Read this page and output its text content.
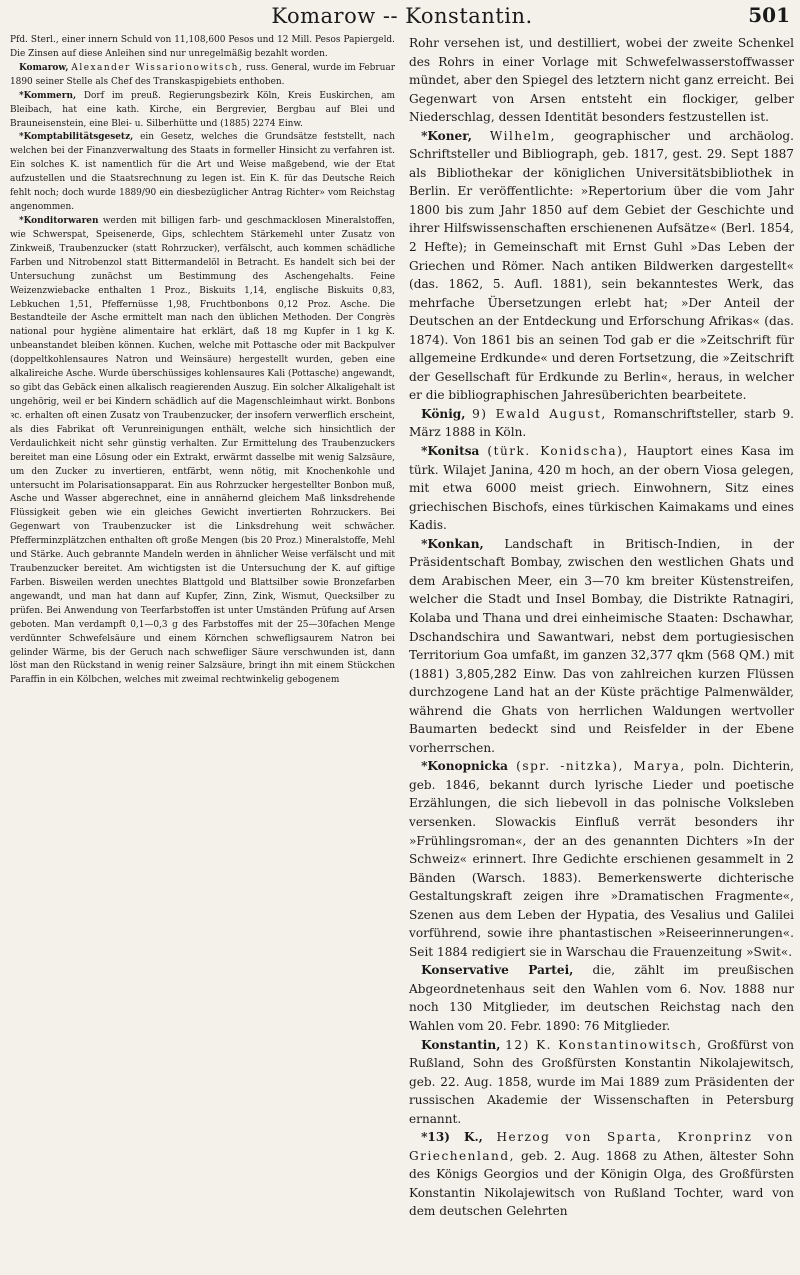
Komarow -- Konstantin.	501

Pfd. Sterl., einer innern Schuld von 11,108,600 Pesos und 12 Mill. Pesos Papiergeld. Die Zinsen auf diese Anleihen sind nur unregelmäßig bezahlt worden.

 Komarow, Alexander Wissarionowitsch, russ. General, wurde im Februar 1890 seiner Stelle als Chef des Transkaspigebiets enthoben.

 *Kommern, Dorf im preuß. Regierungsbezirk Köln, Kreis Euskirchen, am Bleibach, hat eine kath. Kirche, ein Bergrevier, Bergbau auf Blei und Brauneisenstein, eine Blei- u. Silberhütte und (1885) 2274 Einw.

 *Komptabilitätsgesetz, ein Gesetz, welches die Grundsätze feststellt, nach welchen bei der Finanzverwaltung des Staats in formeller Hinsicht zu verfahren ist. Ein solches K. ist namentlich für die Art und Weise maßgebend, wie der Etat aufzustellen und die Staatsrechnung zu legen ist. Ein K. für das Deutsche Reich fehlt noch; doch wurde 1889/90 ein diesbezüglicher Antrag Richter» vom Reichstag angenommen.

 *Konditorwaren werden mit billigen farb- und geschmacklosen Mineralstoffen, wie Schwerspat, Speisenerde, Gips, schlechtem Stärkemehl unter Zusatz von Zinkweiß, Traubenzucker (statt Rohrzucker), verfälscht, auch kommen schädliche Farben und Nitrobenzol statt Bittermandelöl in Betracht. Es handelt sich bei der Untersuchung zunächst um Bestimmung des Aschengehalts. Feine Weizenzwiebacke enthalten 1 Proz., Biskuits 1,14, englische Biskuits 0,83, Lebkuchen 1,51, Pfeffernüsse 1,98, Fruchtbonbons 0,12 Proz. Asche. Die Bestandteile der Asche ermittelt man nach den üblichen Methoden. Der Congrès national pour hygiène alimentaire hat erklärt, daß 18 mg Kupfer in 1 kg K. unbeanstandet bleiben können. Kuchen, welche mit Pottasche oder mit Backpulver (doppeltkohlensaures Natron und Weinsäure) hergestellt wurden, geben eine alkalireiche Asche. Wurde überschüssiges kohlensaures Kali (Pottasche) angewandt, so gibt das Gebäck einen alkalisch reagierenden Auszug. Ein solcher Alkaligehalt ist ungehörig, weil er bei Kindern schädlich auf die Magenschleimhaut wirkt. Bonbons ꝛc. erhalten oft einen Zusatz von Traubenzucker, der insofern verwerflich erscheint, als dies Fabrikat oft Verunreinigungen enthält, welche sich hinsichtlich der Verdaulichkeit nicht sehr günstig verhalten. Zur Ermittelung des Traubenzuckers bereitet man eine Lösung oder ein Extrakt, erwärmt dasselbe mit wenig Salzsäure, um den Zucker zu invertieren, entfärbt, wenn nötig, mit Knochenkohle und untersucht im Polarisationsapparat. Ein aus Rohrzucker hergestellter Bonbon muß, Asche und Wasser abgerechnet, eine in annähernd gleichem Maß linksdrehende Flüssigkeit geben wie ein gleiches Gewicht invertierten Rohrzuckers. Bei Gegenwart von Traubenzucker ist die Linksdrehung weit schwächer. Pfefferminzplätzchen enthalten oft große Mengen (bis 20 Proz.) Mineralstoffe, Mehl und Stärke. Auch gebrannte Mandeln werden in ähnlicher Weise verfälscht und mit Traubenzucker bereitet. Am wichtigsten ist die Untersuchung der K. auf giftige Farben. Bisweilen werden unechtes Blattgold und Blattsilber sowie Bronzefarben angewandt, und man hat dann auf Kupfer, Zinn, Zink, Wismut, Quecksilber zu prüfen. Bei Anwendung von Teerfarbstoffen ist unter Umständen Prüfung auf Arsen geboten. Man verdampft 0,1—0,3 g des Farbstoffes mit der 25—30fachen Menge verdünnter Schwefelsäure und einem Körnchen schwefligsaurem Natron bei gelinder Wärme, bis der Geruch nach schwefliger Säure verschwunden ist, dann löst man den Rückstand in wenig reiner Salzsäure, bringt ihn mit einem Stückchen Paraffin in ein Kölbchen, welches mit zweimal rechtwinkelig gebogenem

Rohr versehen ist, und destilliert, wobei der zweite Schenkel des Rohrs in einer Vorlage mit Schwefelwasserstoffwasser mündet, aber den Spiegel des letztern nicht ganz erreicht. Bei Gegenwart von Arsen entsteht ein flockiger, gelber Niederschlag, dessen Identität besonders festzustellen ist.

 *Koner, Wilhelm, geographischer und archäolog. Schriftsteller und Bibliograph, geb. 1817, gest. 29. Sept 1887 als Bibliothekar der königlichen Universitätsbibliothek in Berlin. Er veröffentlichte: »Repertorium über die vom Jahr 1800 bis zum Jahr 1850 auf dem Gebiet der Geschichte und ihrer Hilfswissenschaften erschienenen Aufsätze« (Berl. 1854, 2 Hefte); in Gemeinschaft mit Ernst Guhl »Das Leben der Griechen und Römer. Nach antiken Bildwerken dargestellt« (das. 1862, 5. Aufl. 1881), sein bekanntestes Werk, das mehrfache Übersetzungen erlebt hat; »Der Anteil der Deutschen an der Entdeckung und Erforschung Afrikas« (das. 1874). Von 1861 bis an seinen Tod gab er die »Zeitschrift für allgemeine Erdkunde« und deren Fortsetzung, die »Zeitschrift der Gesellschaft für Erdkunde zu Berlin«, heraus, in welcher er die bibliographischen Jahresüberichten bearbeitete.

 König, 9) Ewald August, Romanschriftsteller, starb 9. März 1888 in Köln.

 *Konitsa (türk. Konidscha), Hauptort eines Kasa im türk. Wilajet Janina, 420 m hoch, an der obern Viosa gelegen, mit etwa 6000 meist griech. Einwohnern, Sitz eines griechischen Bischofs, eines türkischen Kaimakams und eines Kadis.

 *Konkan, Landschaft in Britisch-Indien, in der Präsidentschaft Bombay, zwischen den westlichen Ghats und dem Arabischen Meer, ein 3—70 km breiter Küstenstreifen, welcher die Stadt und Insel Bombay, die Distrikte Ratnagiri, Kolaba und Thana und drei einheimische Staaten: Dschawhar, Dschandschira und Sawantwari, nebst dem portugiesischen Territorium Goa umfaßt, im ganzen 32,377 qkm (568 QM.) mit (1881) 3,805,282 Einw. Das von zahlreichen kurzen Flüssen durchzogene Land hat an der Küste prächtige Palmenwälder, während die Ghats von herrlichen Waldungen wertvoller Baumarten bedeckt sind und Reisfelder in der Ebene vorherrschen.

 *Konopnicka (spr. -nitzka), Marya, poln. Dichterin, geb. 1846, bekannt durch lyrische Lieder und poetische Erzählungen, die sich liebevoll in das polnische Volksleben versenken. Slowackis Einfluß verrät besonders ihr »Frühlingsroman«, der an des genannten Dichters »In der Schweiz« erinnert. Ihre Gedichte erschienen gesammelt in 2 Bänden (Warsch. 1883). Bemerkenswerte dichterische Gestaltungskraft zeigen ihre »Dramatischen Fragmente«, Szenen aus dem Leben der Hypatia, des Vesalius und Galilei vorführend, sowie ihre phantastischen »Reiseerinnerungen«. Seit 1884 redigiert sie in Warschau die Frauenzeitung »Swit«.

 Konservative Partei, die, zählt im preußischen Abgeordnetenhaus seit den Wahlen vom 6. Nov. 1888 nur noch 130 Mitglieder, im deutschen Reichstag nach den Wahlen vom 20. Febr. 1890: 76 Mitglieder.

 Konstantin, 12) K. Konstantinowitsch, Großfürst von Rußland, Sohn des Großfürsten Konstantin Nikolajewitsch, geb. 22. Aug. 1858, wurde im Mai 1889 zum Präsidenten der russischen Akademie der Wissenschaften in Petersburg ernannt.

 *13) K., Herzog von Sparta, Kronprinz von Griechenland, geb. 2. Aug. 1868 zu Athen, ältester Sohn des Königs Georgios und der Königin Olga, des Großfürsten Konstantin Nikolajewitsch von Rußland Tochter, ward von dem deutschen Gelehrten
